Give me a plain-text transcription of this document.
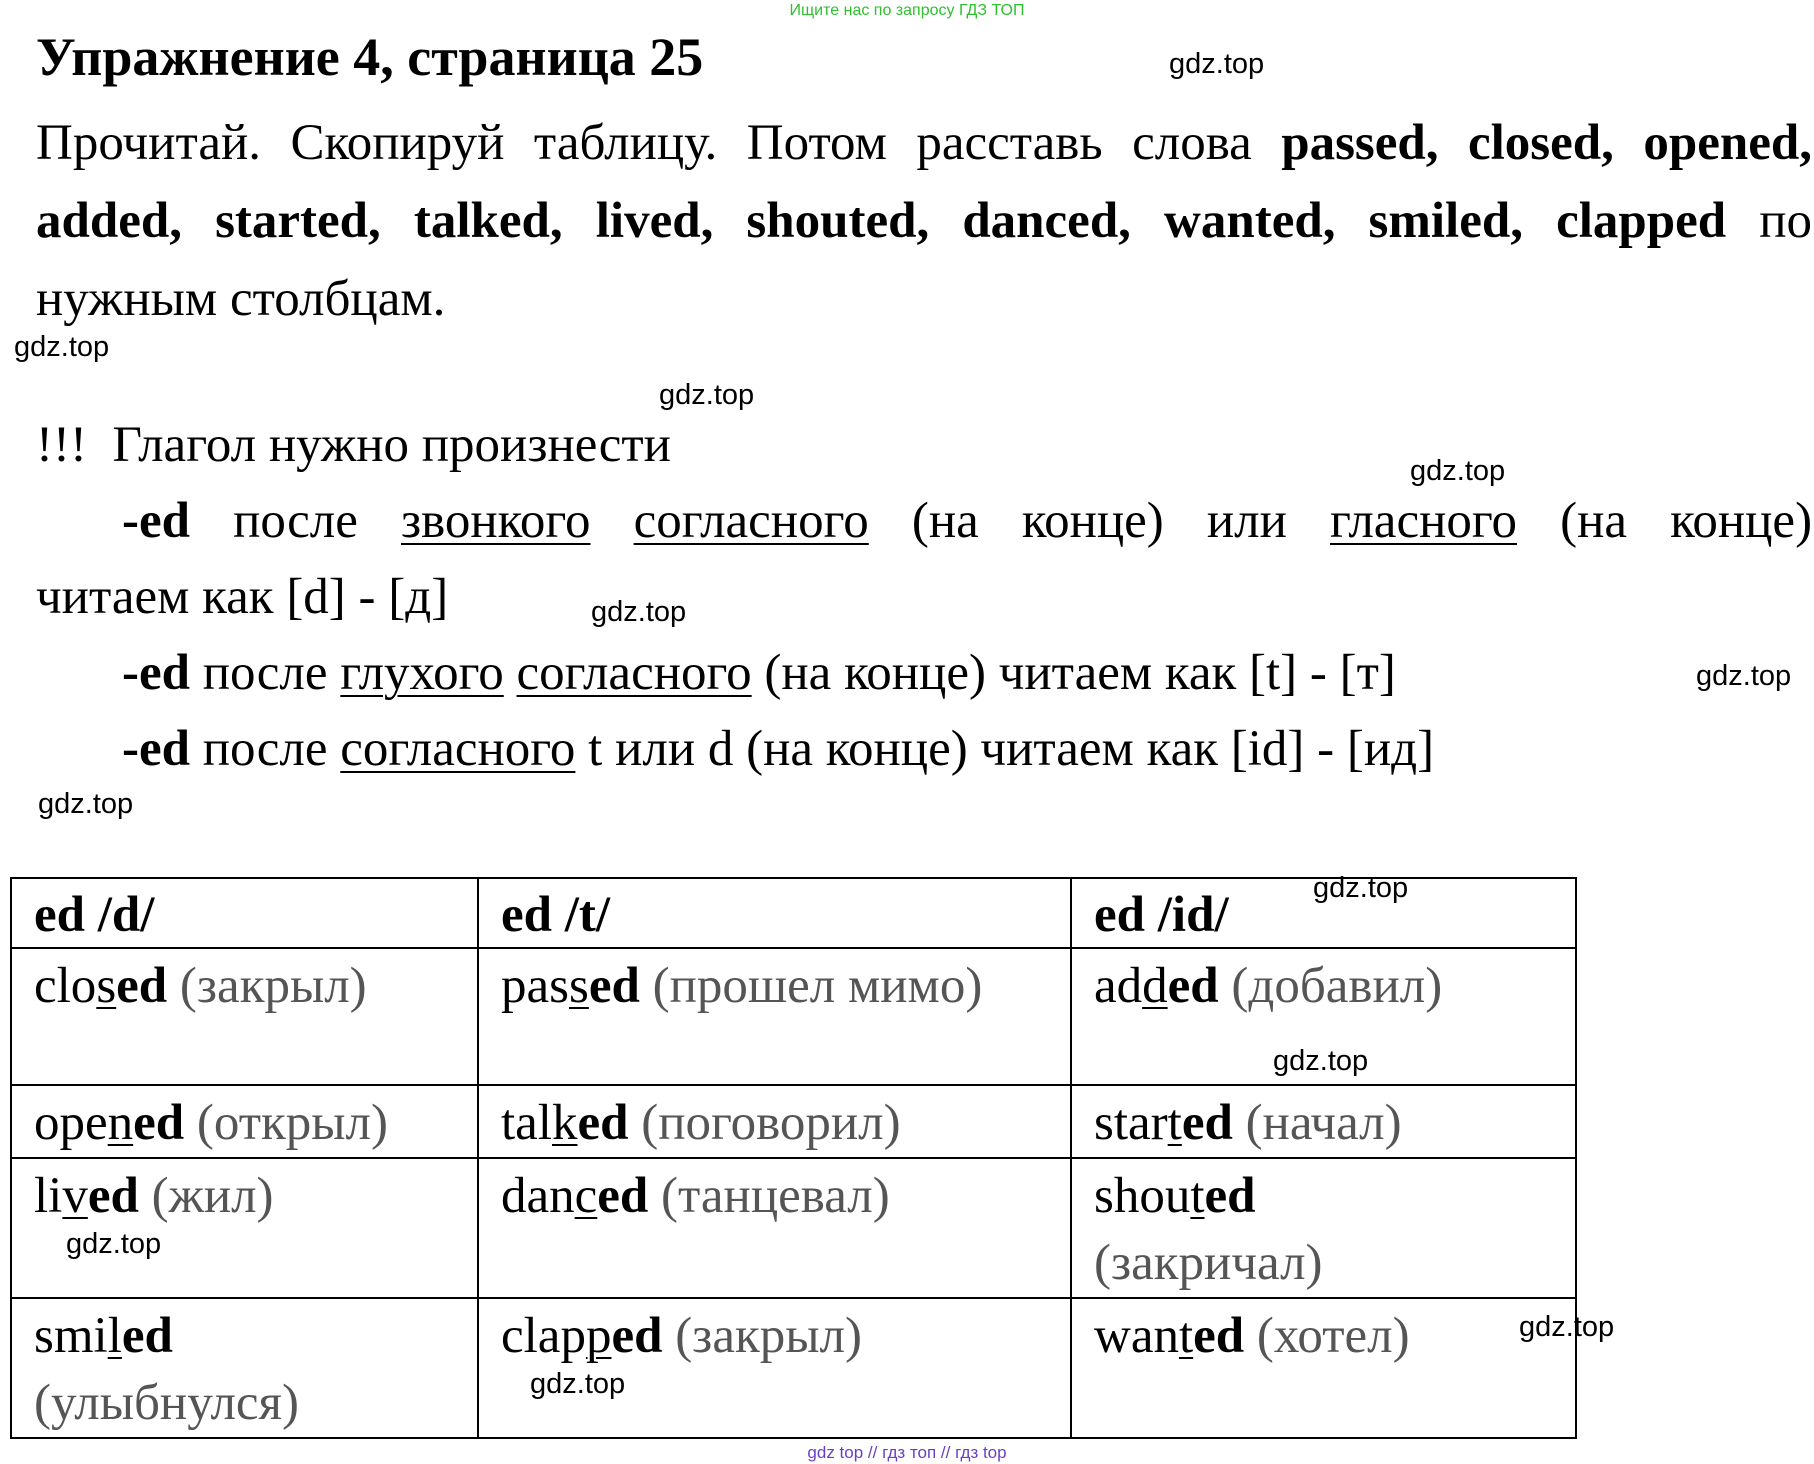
Ищите нас по запросу ГДЗ ТОП
Упражнение 4, страница 25
Прочитай. Скопируй таблицу. Потом расставь слова passed, closed, opened, added, started, talked, lived, shouted, danced, wanted, smiled, clapped по нужным столбцам.
!!! Глагол нужно произнести
-ed после звонкого согласного (на конце) или гласного (на конце)
читаем как [d] - [д]
-ed после глухого согласного (на конце) читаем как [t] - [т]
-ed после согласного t или d (на конце) читаем как [id] - [ид]
ed /d/	ed /t/	ed /id/
closed (закрыл)	passed (прошел мимо)	added (добавил)
opened (открыл)	talked (поговорил)	started (начал)
lived (жил)	danced (танцевал)	shouted
(закричал)
smiled
(улыбнулся)	clapped (закрыл)	wanted (хотел)
gdz.top
gdz.top
gdz.top
gdz.top
gdz.top
gdz.top
gdz.top
gdz.top
gdz.top
gdz.top
gdz.top
gdz.top
gdz top // гдз топ // гдз top
